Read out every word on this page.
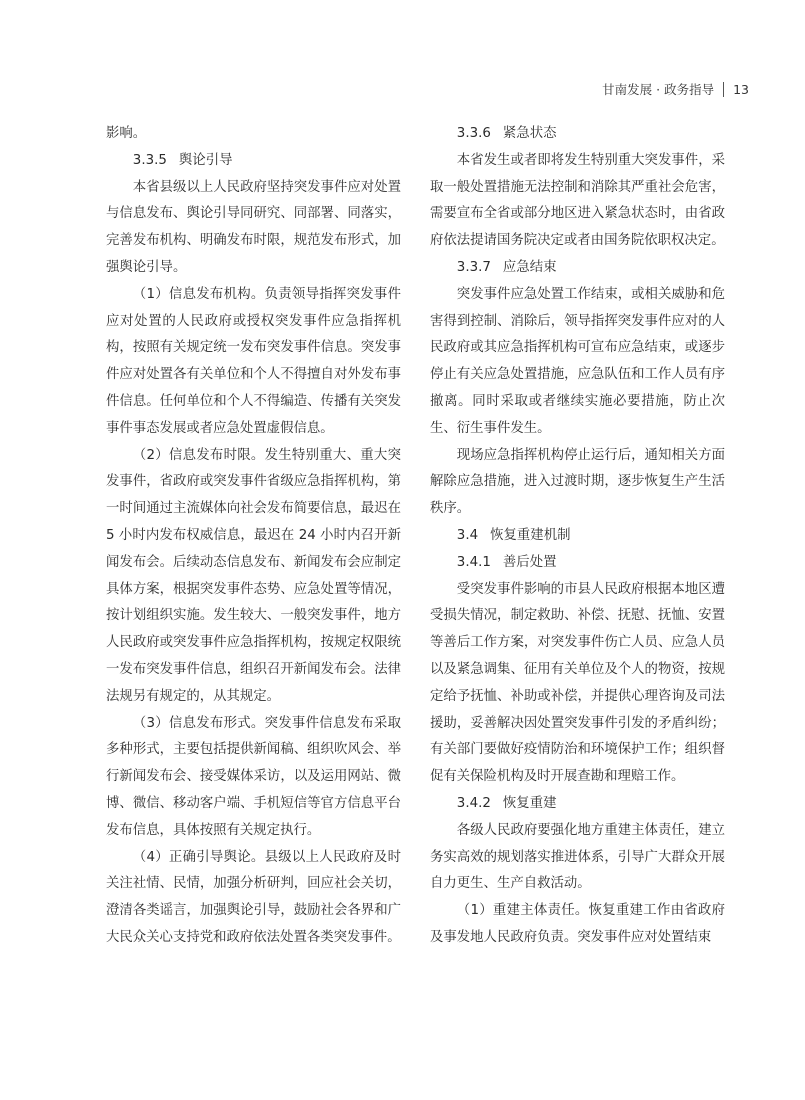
甘南发展 · 政务指导 13

影响。

3.3.5 舆论引导

本省县级以上人民政府坚持突发事件应对处置与信息发布、舆论引导同研究、同部署、同落实，完善发布机构、明确发布时限，规范发布形式，加强舆论引导。

（1）信息发布机构。负责领导指挥突发事件应对处置的人民政府或授权突发事件应急指挥机构，按照有关规定统一发布突发事件信息。突发事件应对处置各有关单位和个人不得擅自对外发布事件信息。任何单位和个人不得编造、传播有关突发事件事态发展或者应急处置虚假信息。

（2）信息发布时限。发生特别重大、重大突发事件，省政府或突发事件省级应急指挥机构，第一时间通过主流媒体向社会发布简要信息，最迟在 5 小时内发布权威信息，最迟在 24 小时内召开新闻发布会。后续动态信息发布、新闻发布会应制定具体方案，根据突发事件态势、应急处置等情况，按计划组织实施。发生较大、一般突发事件，地方人民政府或突发事件应急指挥机构，按规定权限统一发布突发事件信息，组织召开新闻发布会。法律法规另有规定的，从其规定。

（3）信息发布形式。突发事件信息发布采取多种形式，主要包括提供新闻稿、组织吹风会、举行新闻发布会、接受媒体采访，以及运用网站、微博、微信、移动客户端、手机短信等官方信息平台发布信息，具体按照有关规定执行。

（4）正确引导舆论。县级以上人民政府及时关注社情、民情，加强分析研判，回应社会关切，澄清各类谣言，加强舆论引导，鼓励社会各界和广大民众关心支持党和政府依法处置各类突发事件。

3.3.6 紧急状态

本省发生或者即将发生特别重大突发事件，采取一般处置措施无法控制和消除其严重社会危害，需要宣布全省或部分地区进入紧急状态时，由省政府依法提请国务院决定或者由国务院依职权决定。

3.3.7 应急结束

突发事件应急处置工作结束，或相关威胁和危害得到控制、消除后，领导指挥突发事件应对的人民政府或其应急指挥机构可宣布应急结束，或逐步停止有关应急处置措施，应急队伍和工作人员有序撤离。同时采取或者继续实施必要措施，防止次生、衍生事件发生。

现场应急指挥机构停止运行后，通知相关方面解除应急措施，进入过渡时期，逐步恢复生产生活秩序。

3.4 恢复重建机制
3.4.1 善后处置

受突发事件影响的市县人民政府根据本地区遭受损失情况，制定救助、补偿、抚慰、抚恤、安置等善后工作方案，对突发事件伤亡人员、应急人员以及紧急调集、征用有关单位及个人的物资，按规定给予抚恤、补助或补偿，并提供心理咨询及司法援助，妥善解决因处置突发事件引发的矛盾纠纷；有关部门要做好疫情防治和环境保护工作；组织督促有关保险机构及时开展查勘和理赔工作。

3.4.2 恢复重建

各级人民政府要强化地方重建主体责任，建立务实高效的规划落实推进体系，引导广大群众开展自力更生、生产自救活动。

（1）重建主体责任。恢复重建工作由省政府及事发地人民政府负责。突发事件应对处置结束
